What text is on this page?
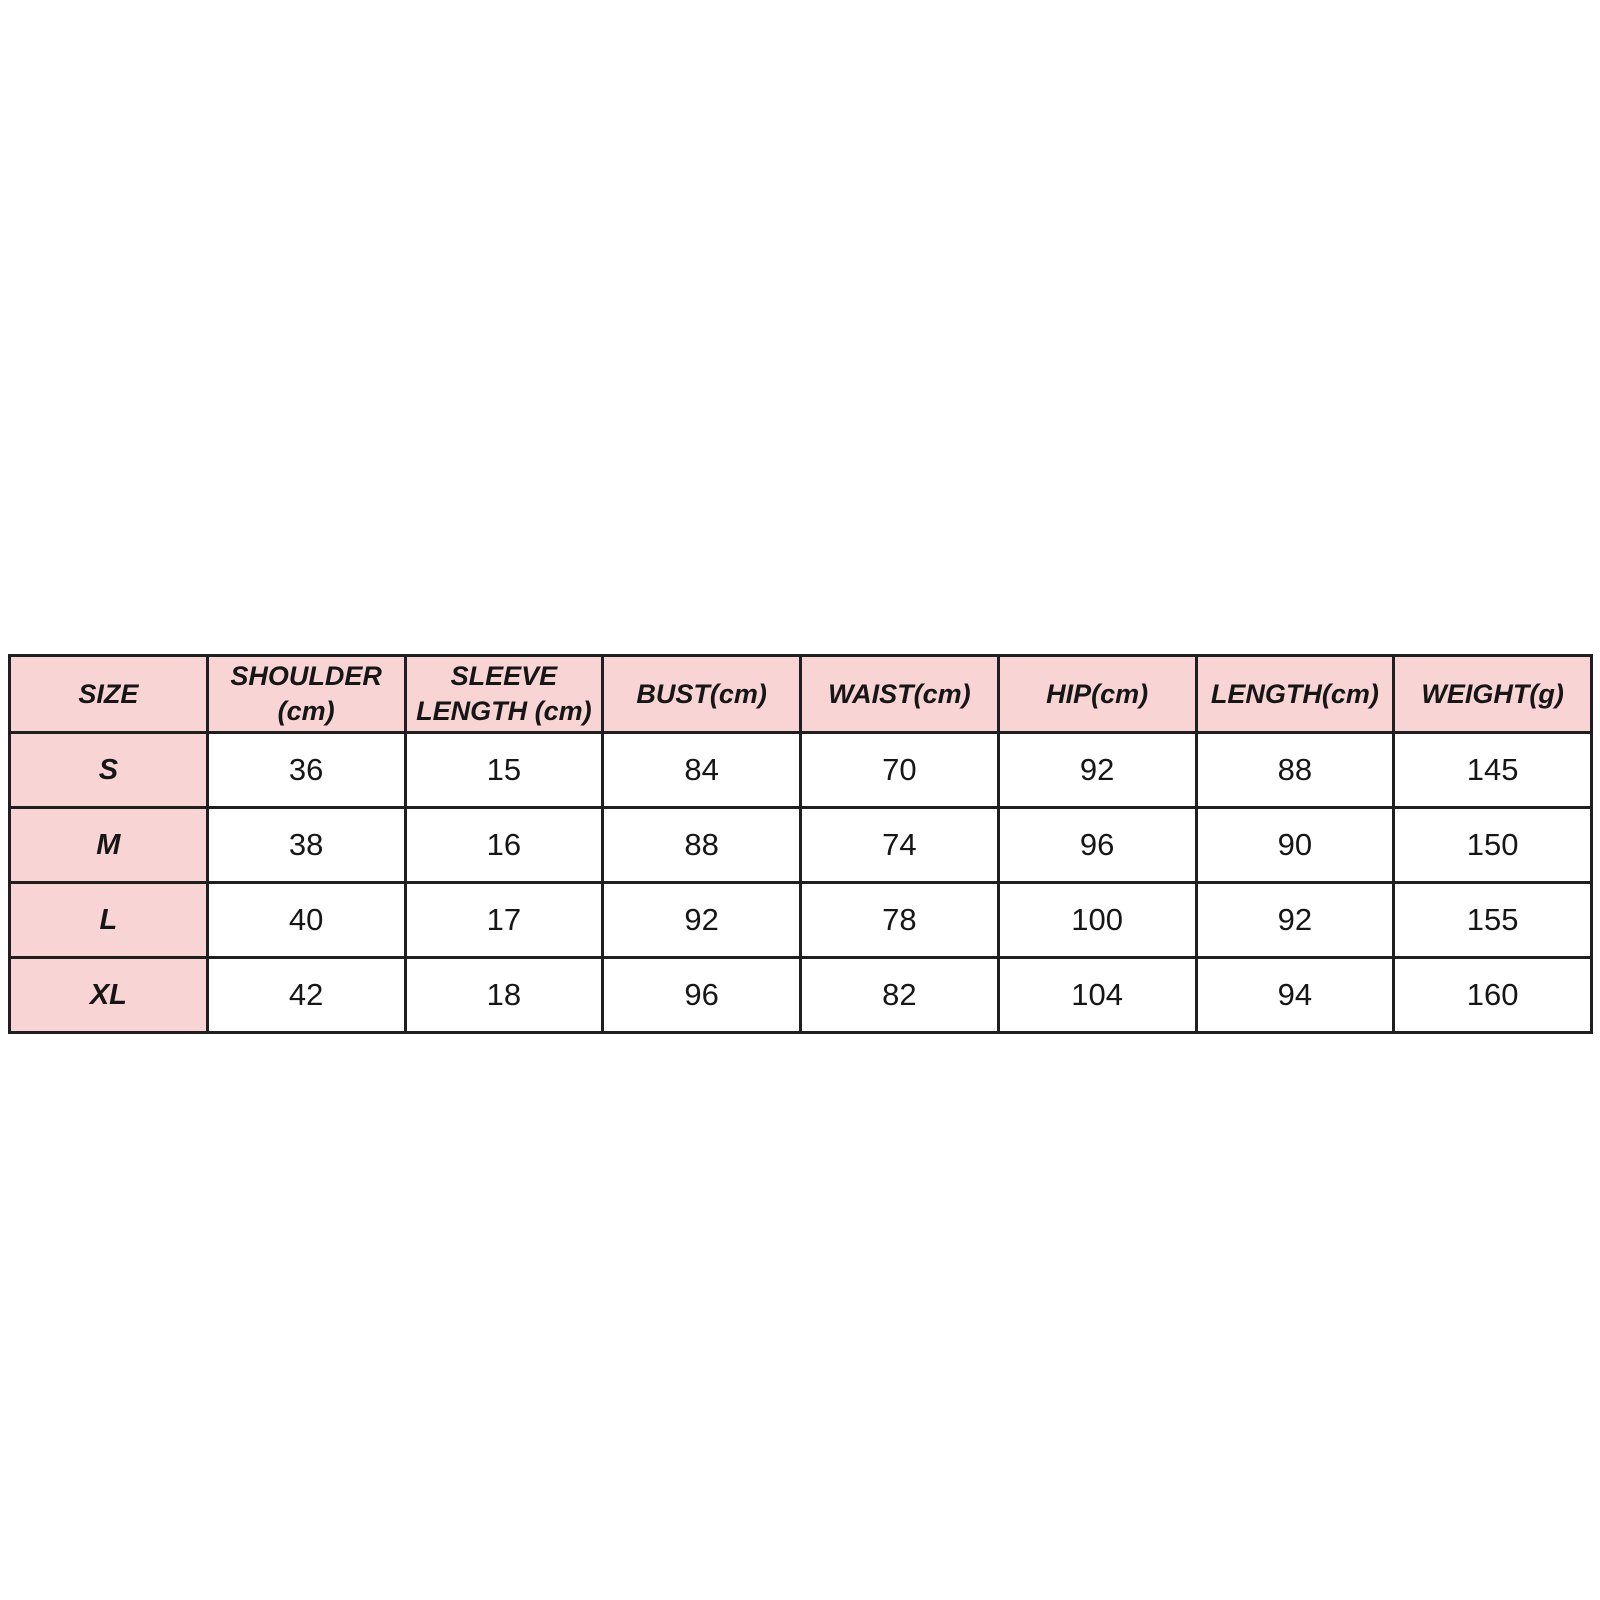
SIZE	SHOULDER (cm)	SLEEVE LENGTH (cm)	BUST(cm)	WAIST(cm)	HIP(cm)	LENGTH(cm)	WEIGHT(g)
S	36	15	84	70	92	88	145
M	38	16	88	74	96	90	150
L	40	17	92	78	100	92	155
XL	42	18	96	82	104	94	160
